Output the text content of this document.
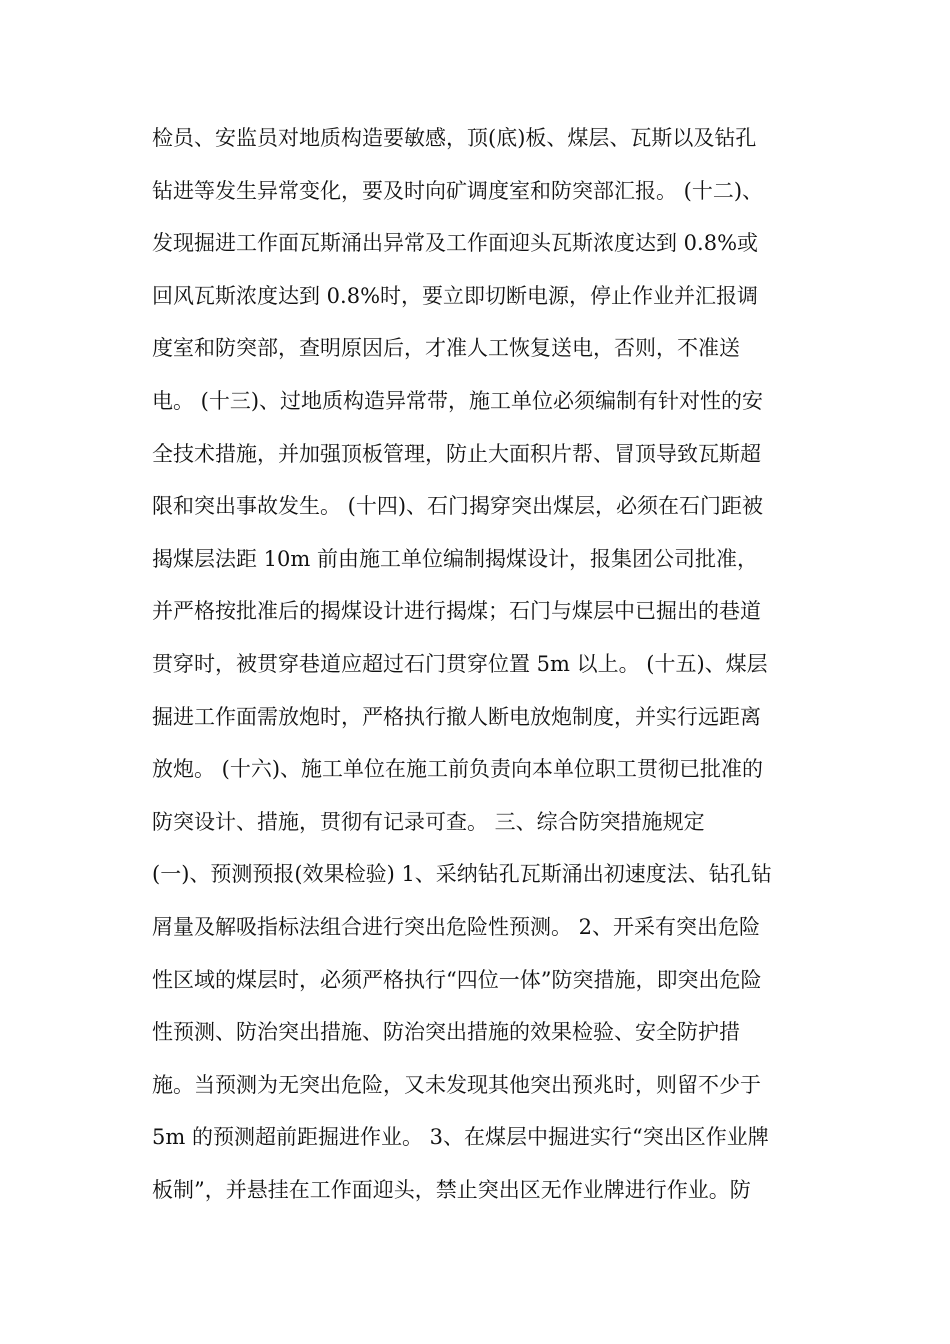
检员、安监员对地质构造要敏感，顶(底)板、煤层、瓦斯以及钻孔
钻进等发生异常变化，要及时向矿调度室和防突部汇报。 (十二)、
发现掘进工作面瓦斯涌出异常及工作面迎头瓦斯浓度达到 0.8%或
回风瓦斯浓度达到 0.8%时，要立即切断电源，停止作业并汇报调
度室和防突部，查明原因后，才准人工恢复送电，否则，不准送
电。 (十三)、过地质构造异常带，施工单位必须编制有针对性的安
全技术措施，并加强顶板管理，防止大面积片帮、冒顶导致瓦斯超
限和突出事故发生。 (十四)、石门揭穿突出煤层，必须在石门距被
揭煤层法距 10m 前由施工单位编制揭煤设计，报集团公司批准，
并严格按批准后的揭煤设计进行揭煤；石门与煤层中已掘出的巷道
贯穿时，被贯穿巷道应超过石门贯穿位置 5m 以上。 (十五)、煤层
掘进工作面需放炮时，严格执行撤人断电放炮制度，并实行远距离
放炮。 (十六)、施工单位在施工前负责向本单位职工贯彻已批准的
防突设计、措施，贯彻有记录可查。 三、综合防突措施规定
(一)、预测预报(效果检验) 1、采纳钻孔瓦斯涌出初速度法、钻孔钻
屑量及解吸指标法组合进行突出危险性预测。 2、开采有突出危险
性区域的煤层时，必须严格执行“四位一体”防突措施，即突出危险
性预测、防治突出措施、防治突出措施的效果检验、安全防护措
施。当预测为无突出危险，又未发现其他突出预兆时，则留不少于
5m 的预测超前距掘进作业。 3、在煤层中掘进实行“突出区作业牌
板制”，并悬挂在工作面迎头，禁止突出区无作业牌进行作业。防
